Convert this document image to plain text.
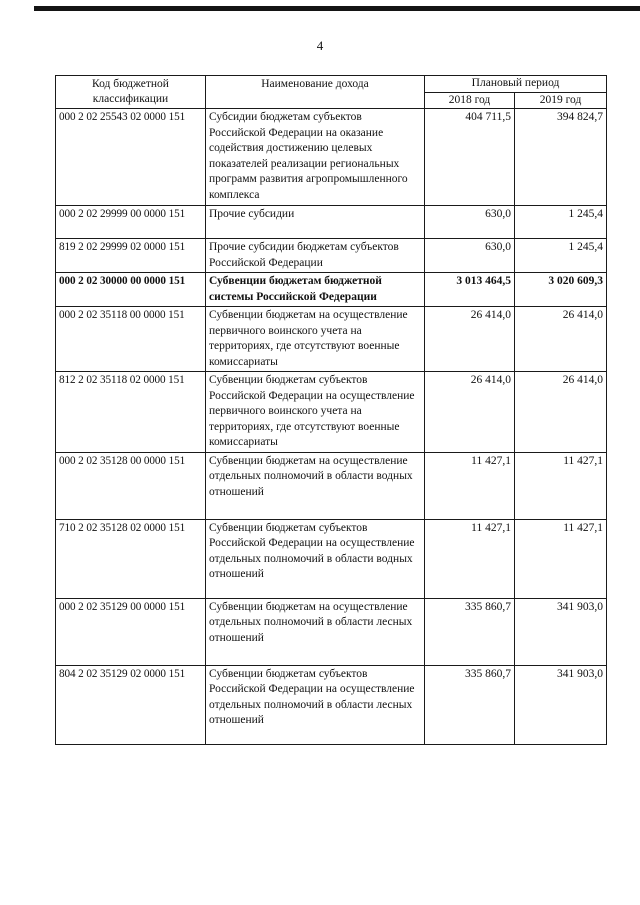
4
Код бюджетной классификации	Наименование дохода	Плановый период	
		2018 год	2019 год
000 2 02 25543 02 0000 151	Субсидии бюджетам субъектов Российской Федерации на оказание содействия достижению целевых показателей реализации региональных программ развития агропромышленного комплекса	404 711,5	394 824,7
000 2 02 29999 00 0000 151	Прочие субсидии	630,0	1 245,4
819 2 02 29999 02 0000 151	Прочие субсидии бюджетам субъектов Российской Федерации	630,0	1 245,4
000 2 02 30000 00 0000 151	Субвенции бюджетам бюджетной системы Российской Федерации	3 013 464,5	3 020 609,3
000 2 02 35118 00 0000 151	Субвенции бюджетам на осуществление первичного воинского учета на территориях, где отсутствуют военные комиссариаты	26 414,0	26 414,0
812 2 02 35118 02 0000 151	Субвенции бюджетам субъектов Российской Федерации на осуществление первичного воинского учета на территориях, где отсутствуют военные комиссариаты	26 414,0	26 414,0
000 2 02 35128 00 0000 151	Субвенции бюджетам на осуществление отдельных полномочий в области водных отношений	11 427,1	11 427,1
710 2 02 35128 02 0000 151	Субвенции бюджетам субъектов Российской Федерации на осуществление отдельных полномочий в области водных отношений	11 427,1	11 427,1
000 2 02 35129 00 0000 151	Субвенции бюджетам на осуществление отдельных полномочий в области лесных отношений	335 860,7	341 903,0
804 2 02 35129 02 0000 151	Субвенции бюджетам субъектов Российской Федерации на осуществление отдельных полномочий в области лесных отношений	335 860,7	341 903,0
